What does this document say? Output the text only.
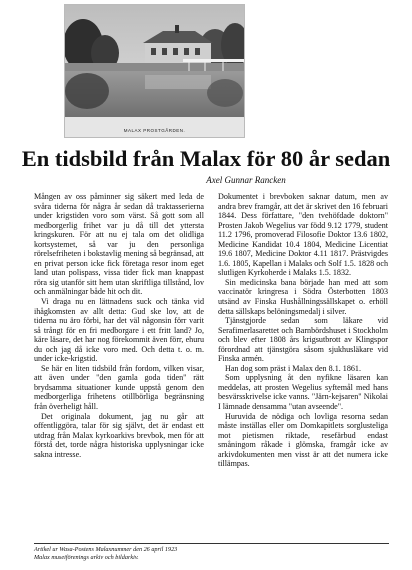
MALAX PROSTGÅRDEN.
En tidsbild från Malax för 80 år sedan
Axel Gunnar Rancken

Mången av oss påminner sig säkert med leda de svåra tiderna för några år sedan då traktasserierna under krigstiden voro som värst. Så gott som all medborgerlig frihet var ju då till det yttersta kringskuren. För att nu ej tala om det olidliga kortsystemet, så var ju den personliga rörelsefriheten i bokstavlig mening så begränsad, att en privat person icke fick företaga resor inom eget land utan polispass, vissa tider fick man knappast röra sig utanför sitt hem utan skriftliga tillstånd, lov och anmälningar både hit och dit.

Vi draga nu en lättnadens suck och tänka vid ihågkomsten av allt detta: Gud ske lov, att de tiderna nu äro förbi, har det väl någonsin förr varit så trångt för en fri medborgare i ett fritt land? Jo, käre läsare, det har nog förekommit även förr, ehuru du och jag då icke voro med. Och detta t. o. m. under icke-krigstid.

Se här en liten tidsbild från fordom, vilken visar, att även under "den gamla goda tiden" rätt brydsamma situationer kunde uppstå genom den medborgerliga frihetens otillbörliga begränsning från överheligt håll.

Det originala dokument, jag nu går att offentliggöra, talar för sig självt, det är endast ett utdrag från Malax kyrkoarkivs brevbok, men för att förstå det, torde några historiska upplysningar icke sakna intresse.

Dokumentet i brevboken saknar datum, men av andra brev framgår, att det är skrivet den 16 februari 1844. Dess författare, "den tvehöfdade doktorn" Prosten Jakob Wegelius var född 9.12 1779, student 11.2 1796, promoverad Filosofie Doktor 13.6 1802, Medicine Kandidat 10.4 1804, Medicine Licentiat 19.6 1807, Medicine Doktor 4.11 1817. Prästvigdes 1.6. 1805, Kapellan i Malaks och Solf 1.5. 1828 och slutligen Kyrkoherde i Malaks 1.5. 1832.

Sin medicinska bana började han med att som vaccinatör kringresa i Södra Österbotten 1803 utsänd av Finska Hushållningssällskapet o. erhöll detta sällskaps belöningsmedalj i silver.

Tjänstgjorde sedan som läkare vid Serafimerlasarettet och Barnbördshuset i Stockholm och blev efter 1808 års krigsutbrott av Klingspor förordnad att tjänstgöra såsom sjukhusläkare vid Finska armén.

Han dog som präst i Malax den 8.1. 1861.

Som upplysning åt den nyfikne läsaren kan meddelas, att prosten Wegelius syftemål med hans besvärsskrivelse icke vanns. "Järn-kejsaren" Nikolai I lämnade densamma "utan avseende".

Huruvida de nödiga och lovliga resorna sedan måste inställas eller om Domkapitlets sorglusteliga mot pietismen riktade, resefärbud endast småningom råkade i glömska, framgår icke av arkivdokumenten men visst är att det numera icke tillämpas.

Artikel ur Wasa-Postens Malaxnummer den 26 april 1923
Malax museiförenings arkiv och bildarkiv.
